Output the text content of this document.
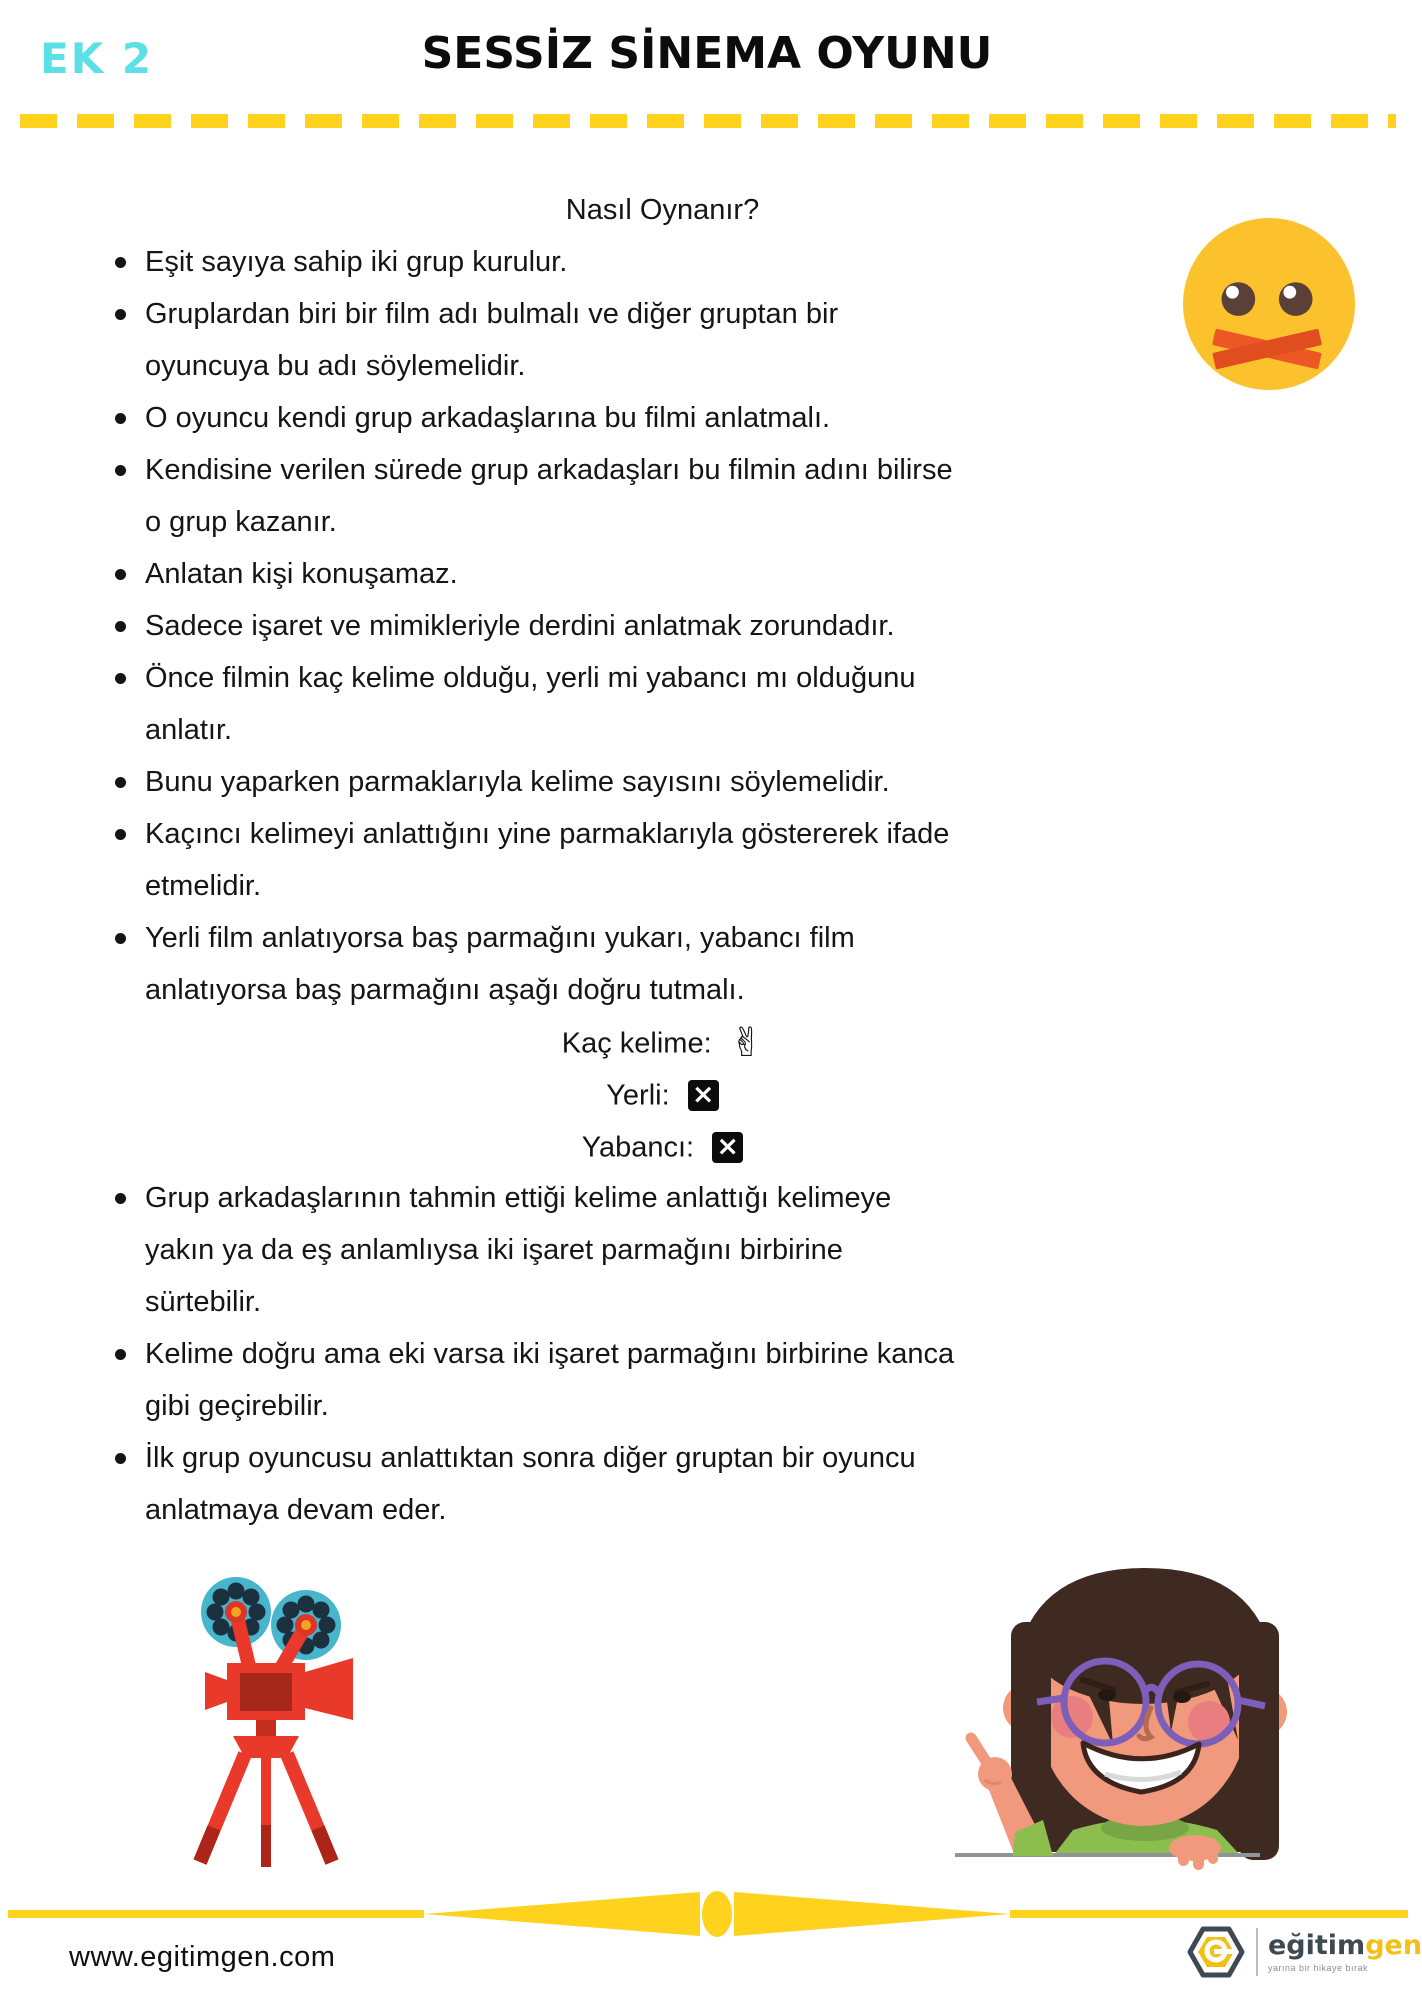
EK 2	SESSİZ SİNEMA OYUNU
Nasıl Oynanır?
Eşit sayıya sahip iki grup kurulur.
Gruplardan biri bir film adı bulmalı ve diğer gruptan bir
oyuncuya bu adı söylemelidir.
O oyuncu kendi grup arkadaşlarına bu filmi anlatmalı.
Kendisine verilen sürede grup arkadaşları bu filmin adını bilirse
o grup kazanır.
Anlatan kişi konuşamaz.
Sadece işaret ve mimikleriyle derdini anlatmak zorundadır.
Önce filmin kaç kelime olduğu, yerli mi yabancı mı olduğunu
anlatır.
Bunu yaparken parmaklarıyla kelime sayısını söylemelidir.
Kaçıncı kelimeyi anlattığını yine parmaklarıyla göstererek ifade
etmelidir.
Yerli film anlatıyorsa baş parmağını yukarı, yabancı film
anlatıyorsa baş parmağını aşağı doğru tutmalı.
Kaç kelime: ✌
Yerli: ×
Yabancı: ×
Grup arkadaşlarının tahmin ettiği kelime anlattığı kelimeye
yakın ya da eş anlamlıysa iki işaret parmağını birbirine
sürtebilir.
Kelime doğru ama eki varsa iki işaret parmağını birbirine kanca
gibi geçirebilir.
İlk grup oyuncusu anlattıktan sonra diğer gruptan bir oyuncu
anlatmaya devam eder.
www.egitimgen.com	eğitimgen
yarına bir hikaye bırak
